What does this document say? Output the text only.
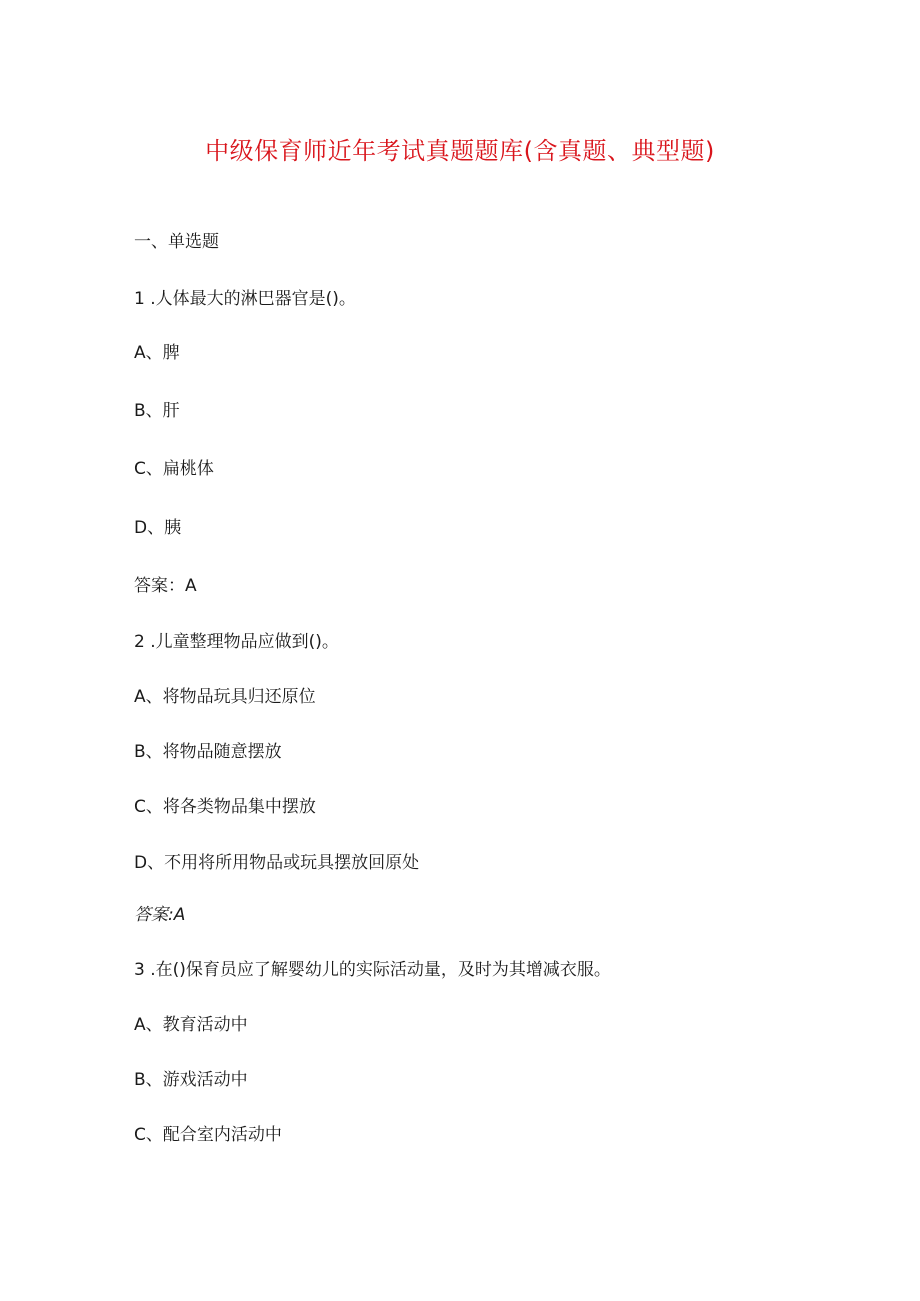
中级保育师近年考试真题题库(含真题、典型题)
一、单选题
1 .人体最大的淋巴器官是()。
A、脾
B、肝
C、扁桃体
D、胰
答案：A
2 .儿童整理物品应做到()。
A、将物品玩具归还原位
B、将物品随意摆放
C、将各类物品集中摆放
D、不用将所用物品或玩具摆放回原处
答案:A
3 .在()保育员应了解婴幼儿的实际活动量，及时为其增减衣服。
A、教育活动中
B、游戏活动中
C、配合室内活动中
